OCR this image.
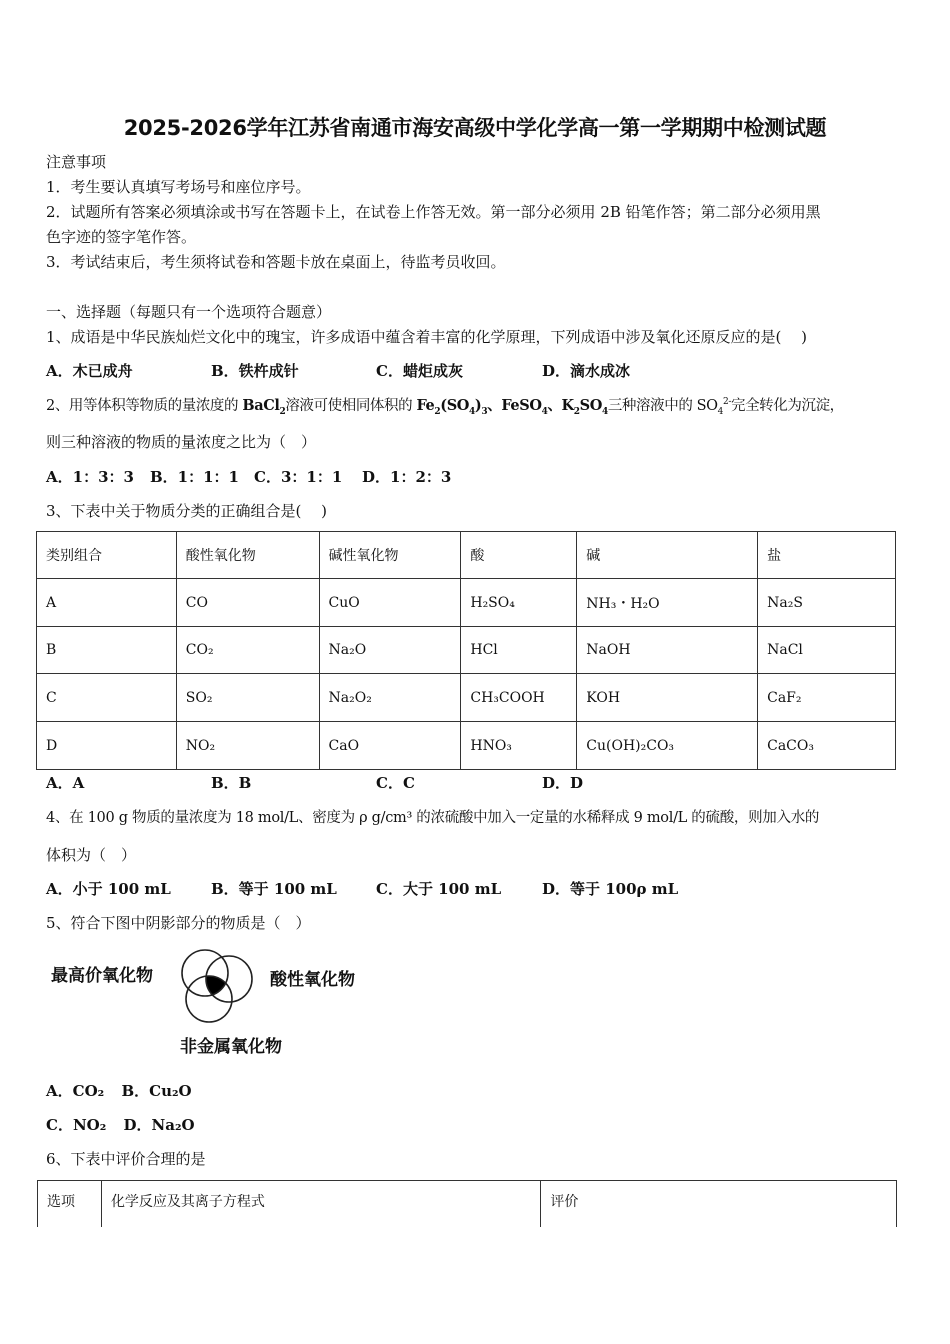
2025-2026学年江苏省南通市海安高级中学化学高一第一学期期中检测试题
注意事项
1．考生要认真填写考场号和座位序号。
2．试题所有答案必须填涂或书写在答题卡上，在试卷上作答无效。第一部分必须用 2B 铅笔作答；第二部分必须用黑
色字迹的签字笔作答。
3．考试结束后，考生须将试卷和答题卡放在桌面上，待监考员收回。
一、选择题（每题只有一个选项符合题意）
1、成语是中华民族灿烂文化中的瑰宝，许多成语中蕴含着丰富的化学原理，下列成语中涉及氧化还原反应的是(　 )
A．木已成舟	B．铁杵成针	C．蜡炬成灰	D．滴水成冰
2、用等体积等物质的量浓度的 BaCl$_2$溶液可使相同体积的 $Fe_2(SO_4)_3$、FeSO$_4$、$K_2SO_4$三种溶液中的 $SO_4^{2-}$完全转化为沉淀，
则三种溶液的物质的量浓度之比为（　）
A．1：3：3 B．1：1：1 C．3：1：1 D．1：2：3
3、下表中关于物质分类的正确组合是(　 )
类别组合	酸性氧化物	碱性氧化物	酸	碱	盐
A	CO	CuO	H₂SO₄	NH₃・H₂O	Na₂S
B	CO₂	Na₂O	HCl	NaOH	NaCl
C	SO₂	Na₂O₂	CH₃COOH	KOH	CaF₂
D	NO₂	CaO	HNO₃	Cu(OH)₂CO₃	CaCO₃
A．A	B．B	C．C	D．D
4、在 100 g 物质的量浓度为 18 mol/L、密度为 ρ g/cm³ 的浓硫酸中加入一定量的水稀释成 9 mol/L 的硫酸，则加入水的
体积为（　）
A．小于 100 mL	B．等于 100 mL	C．大于 100 mL	D．等于 100ρ mL
5、符合下图中阴影部分的物质是（　）
最高价氧化物	酸性氧化物
非金属氧化物
A．CO₂ B．Cu₂O
C．NO₂ D．Na₂O
6、下表中评价合理的是
选项	化学反应及其离子方程式	评价
